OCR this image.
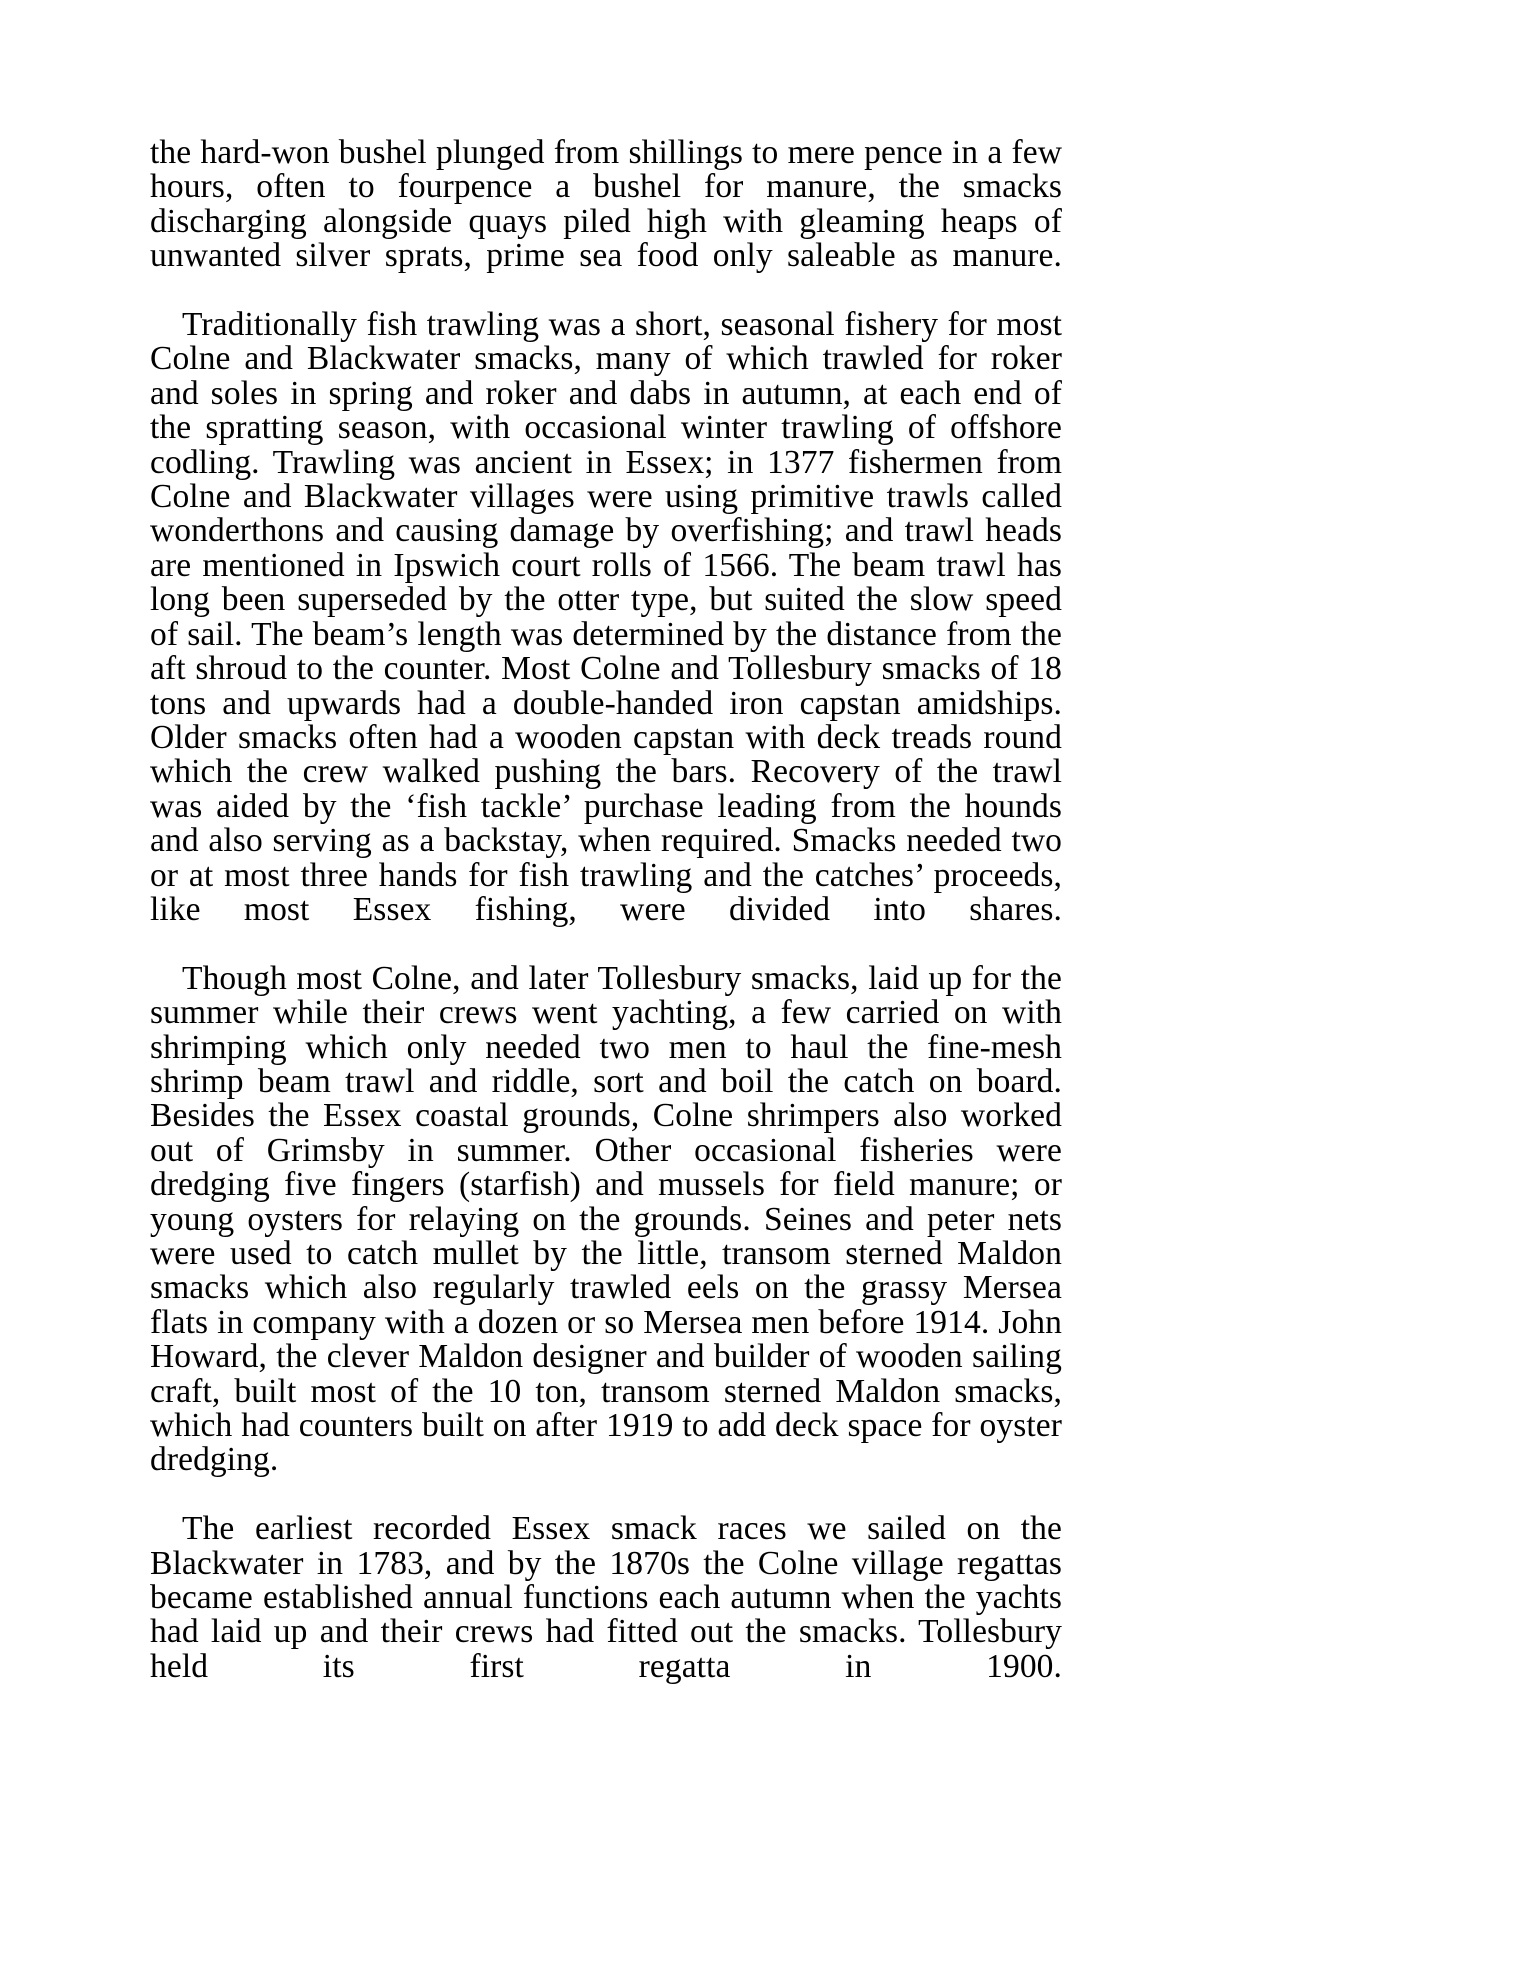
the hard-won bushel plunged from shillings to mere pence in a few hours, often to fourpence a bushel for manure, the smacks discharging alongside quays piled high with gleaming heaps of unwanted silver sprats, prime sea food only saleable as manure.

Traditionally fish trawling was a short, seasonal fishery for most Colne and Blackwater smacks, many of which trawled for roker and soles in spring and roker and dabs in autumn, at each end of the spratting season, with occasional winter trawling of offshore codling. Trawling was ancient in Essex; in 1377 fishermen from Colne and Blackwater villages were using primitive trawls called wonderthons and causing damage by overfishing; and trawl heads are mentioned in Ipswich court rolls of 1566. The beam trawl has long been superseded by the otter type, but suited the slow speed of sail. The beam’s length was determined by the distance from the aft shroud to the counter. Most Colne and Tollesbury smacks of 18 tons and upwards had a double-handed iron capstan amidships. Older smacks often had a wooden capstan with deck treads round which the crew walked pushing the bars. Recovery of the trawl was aided by the ‘fish tackle’ purchase leading from the hounds and also serving as a backstay, when required. Smacks needed two or at most three hands for fish trawling and the catches’ proceeds, like most Essex fishing, were divided into shares.

Though most Colne, and later Tollesbury smacks, laid up for the summer while their crews went yachting, a few carried on with shrimping which only needed two men to haul the fine-mesh shrimp beam trawl and riddle, sort and boil the catch on board. Besides the Essex coastal grounds, Colne shrimpers also worked out of Grimsby in summer. Other occasional fisheries were dredging five fingers (starfish) and mussels for field manure; or young oysters for relaying on the grounds. Seines and peter nets were used to catch mullet by the little, transom sterned Maldon smacks which also regularly trawled eels on the grassy Mersea flats in company with a dozen or so Mersea men before 1914. John Howard, the clever Maldon designer and builder of wooden sailing craft, built most of the 10 ton, transom sterned Maldon smacks, which had counters built on after 1919 to add deck space for oyster dredging.

The earliest recorded Essex smack races we sailed on the Blackwater in 1783, and by the 1870s the Colne village regattas became established annual functions each autumn when the yachts had laid up and their crews had fitted out the smacks. Tollesbury held its first regatta in 1900.
